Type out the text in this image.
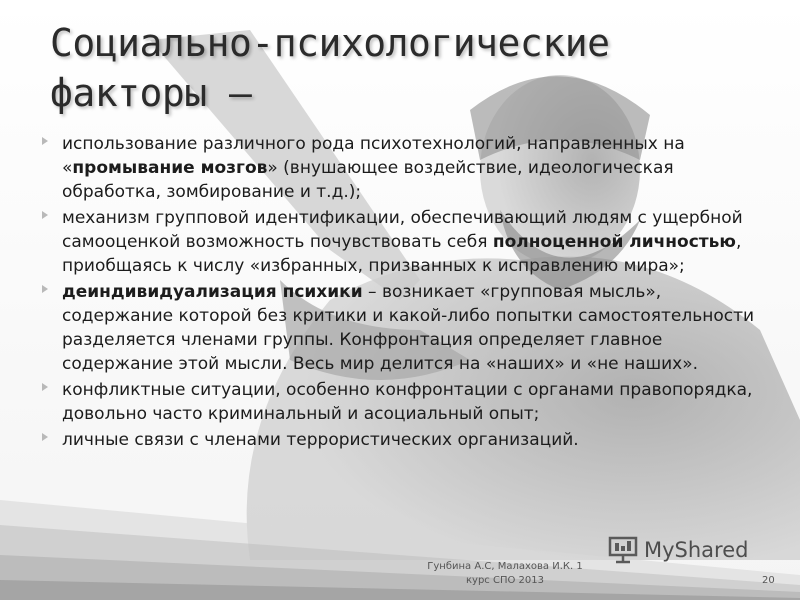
Социально-психологические
факторы –
использование различного рода психотехнологий, направленных на «промывание мозгов» (внушающее воздействие, идеологическая обработка, зомбирование и т.д.);
механизм групповой идентификации, обеспечивающий людям с ущербной самооценкой возможность почувствовать себя полноценной личностью, приобщаясь к числу «избранных, призванных к исправлению мира»;
деиндивидуализация психики – возникает «групповая мысль», содержание которой без критики и какой-либо попытки самостоятельности разделяется членами группы. Конфронтация определяет главное содержание этой мысли. Весь мир делится на «наших» и «не наших».
конфликтные ситуации, особенно конфронтации с органами правопорядка, довольно часто криминальный и асоциальный опыт;
личные связи с членами террористических организаций.
MyShared
Гунбина А.С, Малахова И.К. 1
курс СПО 2013	20
